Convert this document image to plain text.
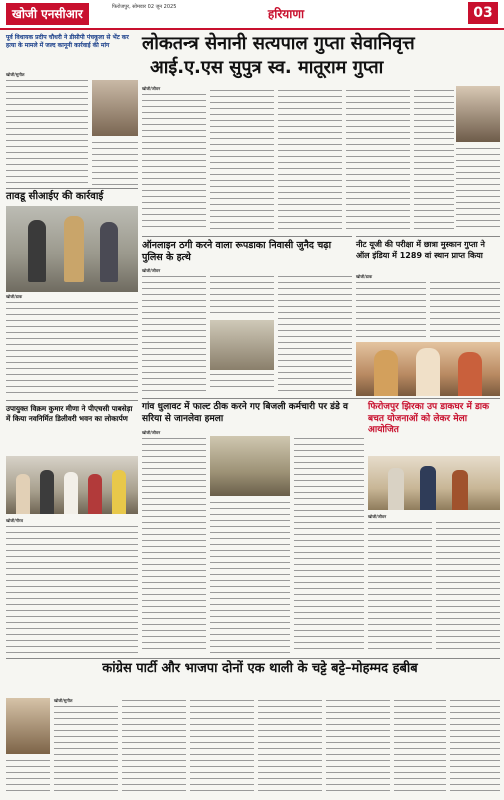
खोजी एनसीआर	फिरोजपुर, सोमवार 02 जून 2025	हरियाणा	03
पूर्व विधायक प्रदीप चौधरी ने डीसीपी पंचकूला से भेंट कर हत्या के मामले में जल्द कानूनी कार्रवाई की मांग
खोजी/सुनील
लोकतन्त्र सेनानी सत्यपाल गुप्ता सेवानिवृत्त
आई.ए.एस सुपुत्र स्व. मातूराम गुप्ता
खोजी/जीवन
तावडू सीआईए की कार्रवाई
खोजी/डाक
ऑनलाइन ठगी करने वाला रूपडाका निवासी जुनैद चढ़ा पुलिस के हत्थे
खोजी/जीवन
नीट यूजी की परीक्षा में छात्रा मुस्कान गुप्ता ने ऑल इंडिया में 1289 वां स्थान प्राप्त किया
खोजी/डाक
उपायुक्त विक्रम कुमार मीणा ने पीएचसी पाबसेड़ा में किया नवनिर्मित डिलीवरी भवन का लोकार्पण
खोजी/गौरव
गांव धुलावट में फाल्ट ठीक करने गए बिजली कर्मचारी पर डंडे व सरिया से जानलेवा हमला
खोजी/जीवन
फिरोजपुर झिरका उप डाकघर में डाक बचत योजनाओं को लेकर मेला आयोजित
खोजी/जीवन
कांग्रेस पार्टी और भाजपा दोनों एक थाली के चट्टे बट्टे–मोहम्मद हबीब
खोजी/सुनील
